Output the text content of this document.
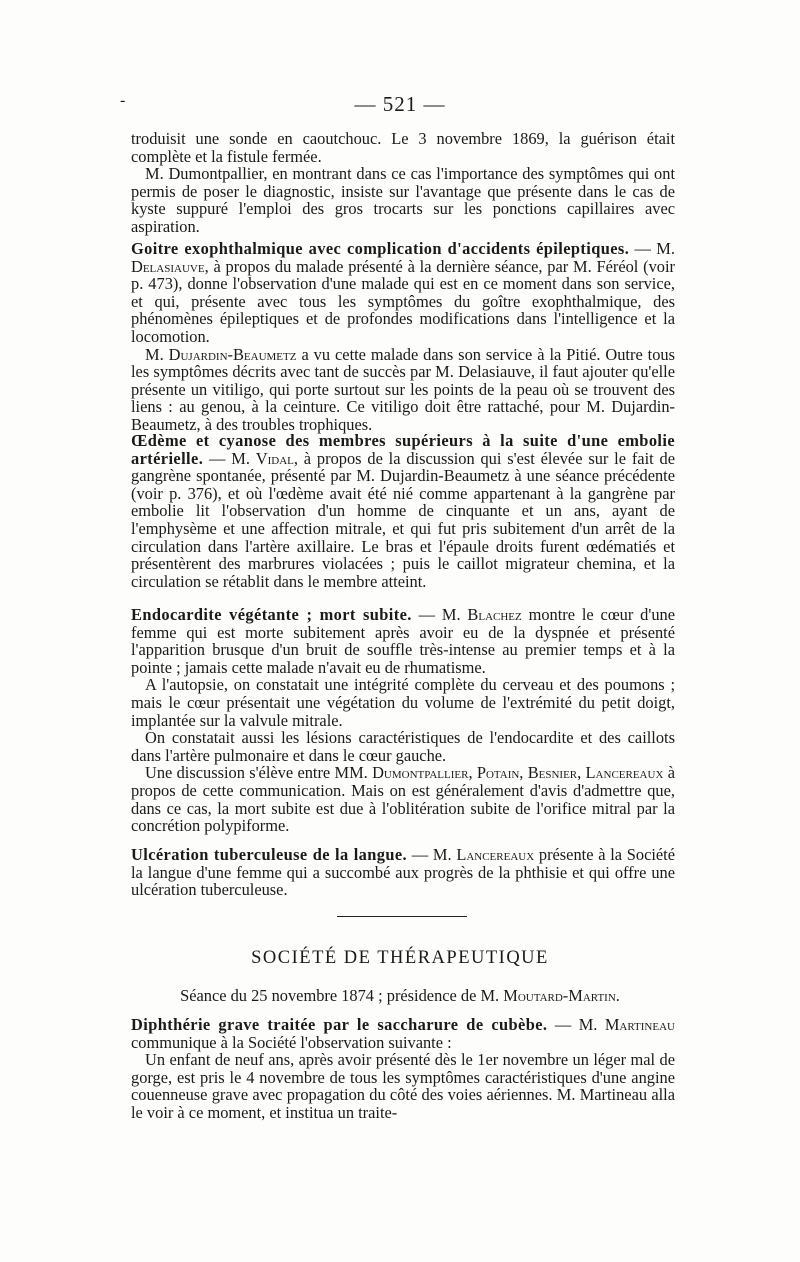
-	— 521 —

troduisit une sonde en caoutchouc. Le 3 novembre 1869, la guérison était complète et la fistule fermée.

M. Dumontpallier, en montrant dans ce cas l'importance des symptômes qui ont permis de poser le diagnostic, insiste sur l'avantage que présente dans le cas de kyste suppuré l'emploi des gros trocarts sur les ponctions capillaires avec aspiration.

Goitre exophthalmique avec complication d'accidents épileptiques. — M. Delasiauve, à propos du malade présenté à la dernière séance, par M. Féréol (voir p. 473), donne l'observation d'une malade qui est en ce moment dans son service, et qui, présente avec tous les symptômes du goître exophthalmique, des phénomènes épileptiques et de profondes modifications dans l'intelligence et la locomotion.

M. Dujardin-Beaumetz a vu cette malade dans son service à la Pitié. Outre tous les symptômes décrits avec tant de succès par M. Delasiauve, il faut ajouter qu'elle présente un vitiligo, qui porte surtout sur les points de la peau où se trouvent des liens : au genou, à la ceinture. Ce vitiligo doit être rattaché, pour M. Dujardin-Beaumetz, à des troubles trophiques.

Œdème et cyanose des membres supérieurs à la suite d'une embolie artérielle. — M. Vidal, à propos de la discussion qui s'est élevée sur le fait de gangrène spontanée, présenté par M. Dujardin-Beaumetz à une séance précédente (voir p. 376), et où l'œdème avait été nié comme appartenant à la gangrène par embolie lit l'observation d'un homme de cinquante et un ans, ayant de l'emphysème et une affection mitrale, et qui fut pris subitement d'un arrêt de la circulation dans l'artère axillaire. Le bras et l'épaule droits furent œdématiés et présentèrent des marbrures violacées ; puis le caillot migrateur chemina, et la circulation se rétablit dans le membre atteint.

Endocardite végétante ; mort subite. — M. Blachez montre le cœur d'une femme qui est morte subitement après avoir eu de la dyspnée et présenté l'apparition brusque d'un bruit de souffle très-intense au premier temps et à la pointe ; jamais cette malade n'avait eu de rhumatisme.

A l'autopsie, on constatait une intégrité complète du cerveau et des poumons ; mais le cœur présentait une végétation du volume de l'extrémité du petit doigt, implantée sur la valvule mitrale.

On constatait aussi les lésions caractéristiques de l'endocardite et des caillots dans l'artère pulmonaire et dans le cœur gauche.

Une discussion s'élève entre MM. Dumontpallier, Potain, Besnier, Lancereaux à propos de cette communication. Mais on est généralement d'avis d'admettre que, dans ce cas, la mort subite est due à l'oblitération subite de l'orifice mitral par la concrétion polypiforme.

Ulcération tuberculeuse de la langue. — M. Lancereaux présente à la Société la langue d'une femme qui a succombé aux progrès de la phthisie et qui offre une ulcération tuberculeuse.

SOCIÉTÉ DE THÉRAPEUTIQUE
Séance du 25 novembre 1874 ; présidence de M. Moutard-Martin.

Diphthérie grave traitée par le saccharure de cubèbe. — M. Martineau communique à la Société l'observation suivante :

Un enfant de neuf ans, après avoir présenté dès le 1er novembre un léger mal de gorge, est pris le 4 novembre de tous les symptômes caractéristiques d'une angine couenneuse grave avec propagation du côté des voies aériennes. M. Martineau alla le voir à ce moment, et institua un traite-
